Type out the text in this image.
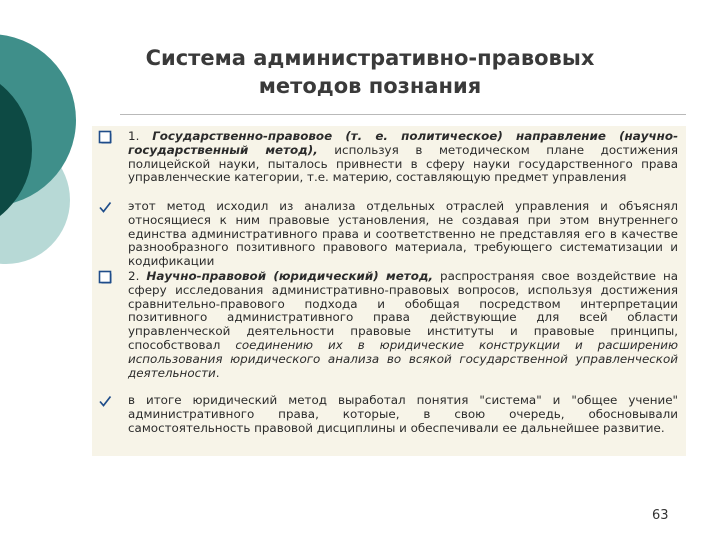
Система административно-правовых
методов познания
1. Государственно-правовое (т. е. политическое) направление (научно-государственный метод), используя в методическом плане достижения полицейской науки, пыталось привнести в сферу науки государственного права управленческие категории, т.е. материю, составляющую предмет управления
этот метод исходил из анализа отдельных отраслей управления и объяснял относящиеся к ним правовые установления, не создавая при этом внутреннего единства административного права и соответственно не представляя его в качестве разнообразного позитивного правового материала, требующего систематизации и кодификации
2. Научно-правовой (юридический) метод, распространяя свое воздействие на сферу исследования административно-правовых вопросов, используя достижения сравнительно-правового подхода и обобщая посредством интерпретации позитивного административного права действующие для всей области управленческой деятельности правовые институты и правовые принципы, способствовал соединению их в юридические конструкции и расширению использования юридического анализа во всякой государственной управленческой деятельности.
в итоге юридический метод выработал понятия "система" и "общее учение" административного права, которые, в свою очередь, обосновывали самостоятельность правовой дисциплины и обеспечивали ее дальнейшее развитие.
63
